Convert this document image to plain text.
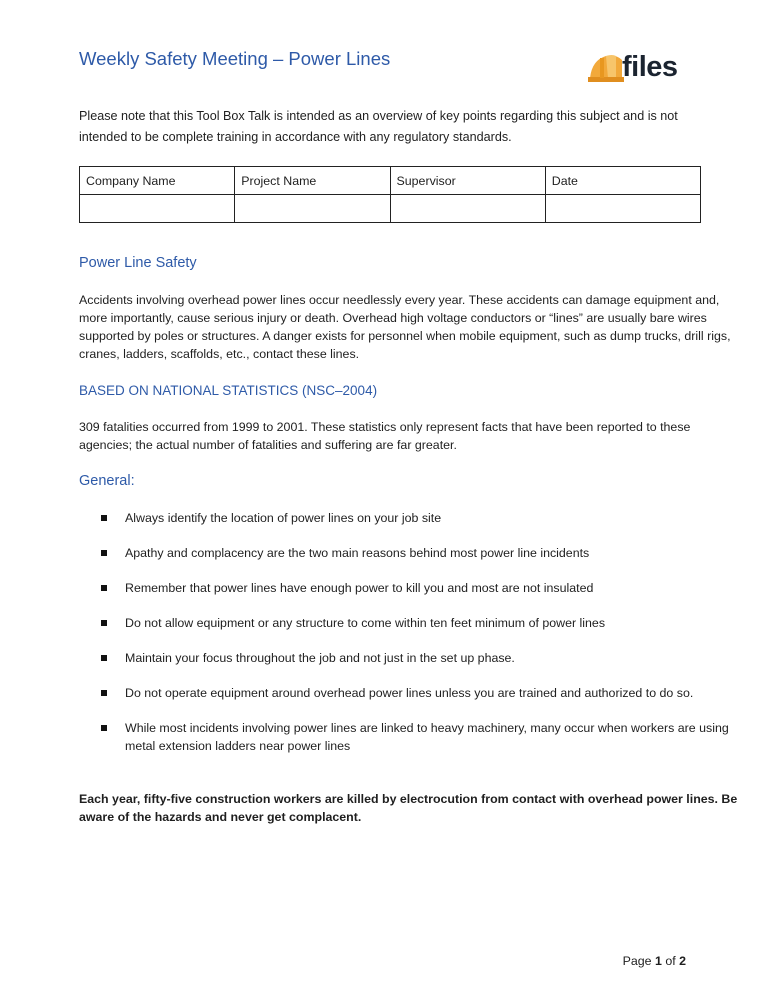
Weekly Safety Meeting – Power Lines	files

Please note that this Tool Box Talk is intended as an overview of key points regarding this subject and is not intended to be complete training in accordance with any regulatory standards.

Company Name	Project Name	Supervisor	Date

Power Line Safety

Accidents involving overhead power lines occur needlessly every year. These accidents can damage equipment and, more importantly, cause serious injury or death. Overhead high voltage conductors or “lines” are usually bare wires supported by poles or structures. A danger exists for personnel when mobile equipment, such as dump trucks, drill rigs, cranes, ladders, scaffolds, etc., contact these lines.

BASED ON NATIONAL STATISTICS (NSC–2004)

309 fatalities occurred from 1999 to 2001. These statistics only represent facts that have been reported to these agencies; the actual number of fatalities and suffering are far greater.

General:
Always identify the location of power lines on your job site
Apathy and complacency are the two main reasons behind most power line incidents
Remember that power lines have enough power to kill you and most are not insulated
Do not allow equipment or any structure to come within ten feet minimum of power lines
Maintain your focus throughout the job and not just in the set up phase.
Do not operate equipment around overhead power lines unless you are trained and authorized to do so.
While most incidents involving power lines are linked to heavy machinery, many occur when workers are using metal extension ladders near power lines

Each year, fifty-five construction workers are killed by electrocution from contact with overhead power lines. Be aware of the hazards and never get complacent.

Page 1 of 2
